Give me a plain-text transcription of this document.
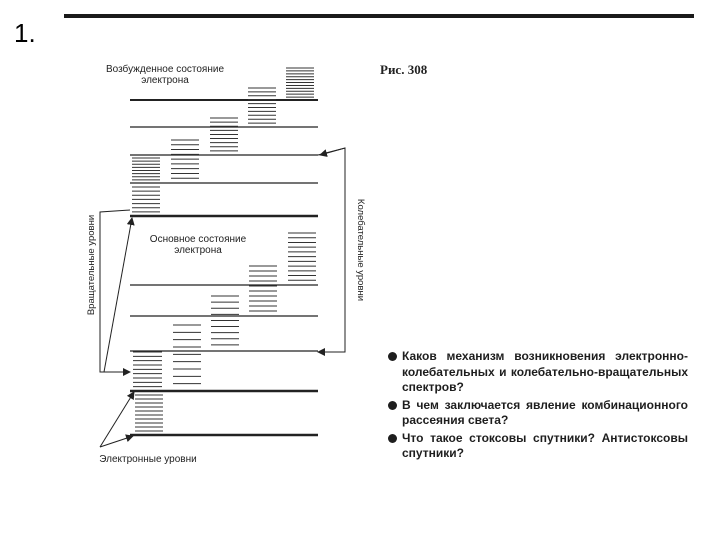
1.
Возбужденное состояние
электрона
Основное состояние
электрона
Вращательные уровни	Колебательные уровни
Электронные уровни
Рис. 308
Каков механизм возникновения электронно-колебательных и колебательно-вращательных спектров?
В чем заключается явление комбинационного рассеяния света?
Что такое стоксовы спутники? Антистоксовы спутники?
